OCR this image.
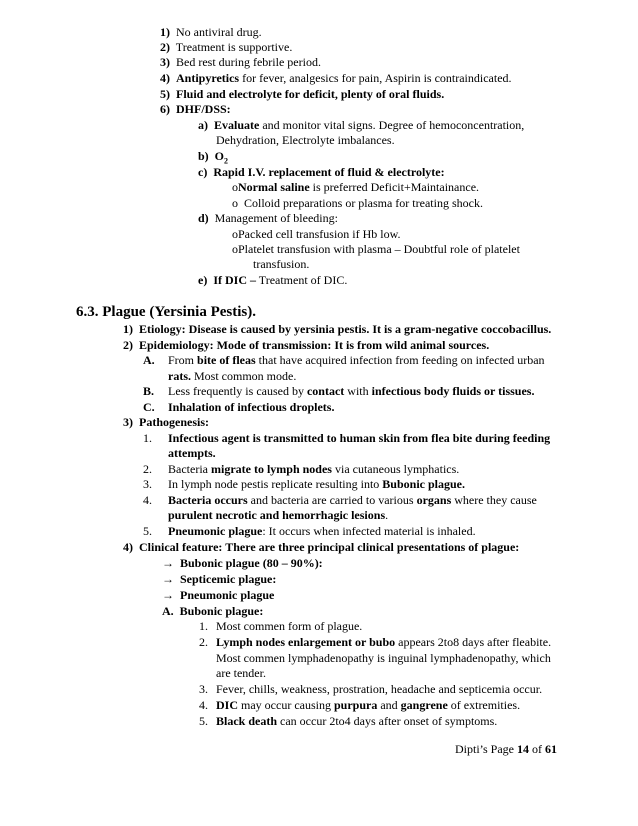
1) No antiviral drug.
2) Treatment is supportive.
3) Bed rest during febrile period.
4) Antipyretics for fever, analgesics for pain, Aspirin is contraindicated.
5) Fluid and electrolyte for deficit, plenty of oral fluids.
6) DHF/DSS:
a) Evaluate and monitor vital signs. Degree of hemoconcentration,
Dehydration, Electrolyte imbalances.
b) $O_2$
c) Rapid I.V. replacement of fluid & electrolyte:
oNormal saline is preferred Deficit+Maintainance.
o Colloid preparations or plasma for treating shock.
d) Management of bleeding:
oPacked cell transfusion if Hb low.
oPlatelet transfusion with plasma – Doubtful role of platelet
transfusion.
e) If DIC – Treatment of DIC.
6.3. Plague (Yersinia Pestis).
1) Etiology: Disease is caused by yersinia pestis. It is a gram-negative coccobacillus.
2) Epidemiology: Mode of transmission: It is from wild animal sources.
A. From bite of fleas that have acquired infection from feeding on infected urban
rats. Most common mode.
B. Less frequently is caused by contact with infectious body fluids or tissues.
C. Inhalation of infectious droplets.
3) Pathogenesis:
1. Infectious agent is transmitted to human skin from flea bite during feeding
attempts.
2. Bacteria migrate to lymph nodes via cutaneous lymphatics.
3. In lymph node pestis replicate resulting into Bubonic plague.
4. Bacteria occurs and bacteria are carried to various organs where they cause
purulent necrotic and hemorrhagic lesions.
5. Pneumonic plague: It occurs when infected material is inhaled.
4) Clinical feature: There are three principal clinical presentations of plague:
→ Bubonic plague (80 – 90%):
→ Septicemic plague:
→ Pneumonic plague
A. Bubonic plague:
1. Most commen form of plague.
2. Lymph nodes enlargement or bubo appears 2to8 days after fleabite.
Most commen lymphadenopathy is inguinal lymphadenopathy, which
are tender.
3. Fever, chills, weakness, prostration, headache and septicemia occur.
4. DIC may occur causing purpura and gangrene of extremities.
5. Black death can occur 2to4 days after onset of symptoms.
Dipti’s Page 14 of 61
